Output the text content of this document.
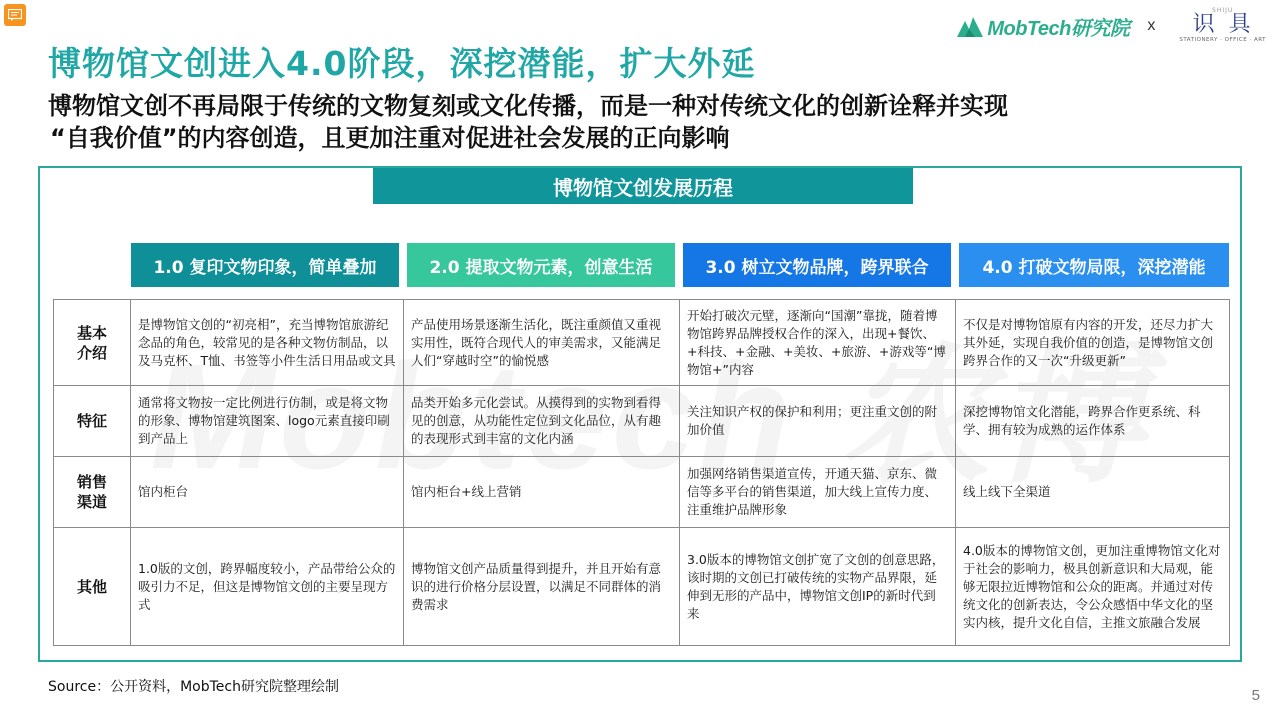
MobTech研究院 x
SHIJU
识具
STATIONERY · OFFICE · ART
博物馆文创进入4.0阶段，深挖潜能，扩大外延
博物馆文创不再局限于传统的文物复刻或文化传播，而是一种对传统文化的创新诠释并实现
“自我价值”的内容创造，且更加注重对促进社会发展的正向影响
博物馆文创发展历程
1.0 复印文物印象，简单叠加	2.0 提取文物元素，创意生活	3.0 树立文物品牌，跨界联合	4.0 打破文物局限，深挖潜能
基本
介绍	是博物馆文创的“初亮相”，充当博物馆旅游纪念品的角色，较常见的是各种文物仿制品，以及马克杯、T恤、书签等小件生活日用品或文具	产品使用场景逐渐生活化，既注重颜值又重视实用性，既符合现代人的审美需求，又能满足人们“穿越时空”的愉悦感	开始打破次元壁，逐渐向“国潮”靠拢，随着博物馆跨界品牌授权合作的深入，出现+餐饮、+科技、+金融、+美妆、+旅游、+游戏等“博物馆+”内容	不仅是对博物馆原有内容的开发，还尽力扩大其外延，实现自我价值的创造，是博物馆文创跨界合作的又一次“升级更新”
特征	通常将文物按一定比例进行仿制，或是将文物的形象、博物馆建筑图案、logo元素直接印刷到产品上	品类开始多元化尝试。从摸得到的实物到看得见的创意，从功能性定位到文化品位，从有趣的表现形式到丰富的文化内涵	关注知识产权的保护和利用；更注重文创的附加价值	深挖博物馆文化潜能，跨界合作更系统、科学、拥有较为成熟的运作体系
销售
渠道	馆内柜台	馆内柜台+线上营销	加强网络销售渠道宣传，开通天猫、京东、微信等多平台的销售渠道，加大线上宣传力度、注重维护品牌形象	线上线下全渠道
其他	1.0版的文创，跨界幅度较小，产品带给公众的吸引力不足，但这是博物馆文创的主要呈现方式	博物馆文创产品质量得到提升，并且开始有意识的进行价格分层设置，以满足不同群体的消费需求	3.0版本的博物馆文创扩宽了文创的创意思路，该时期的文创已打破传统的实物产品界限，延伸到无形的产品中，博物馆文创IP的新时代到来	4.0版本的博物馆文创，更加注重博物馆文化对于社会的影响力，极具创新意识和大局观，能够无限拉近博物馆和公众的距离。并通过对传统文化的创新表达，令公众感悟中华文化的坚实内核，提升文化自信，主推文旅融合发展
Source：公开资料，MobTech研究院整理绘制	5
